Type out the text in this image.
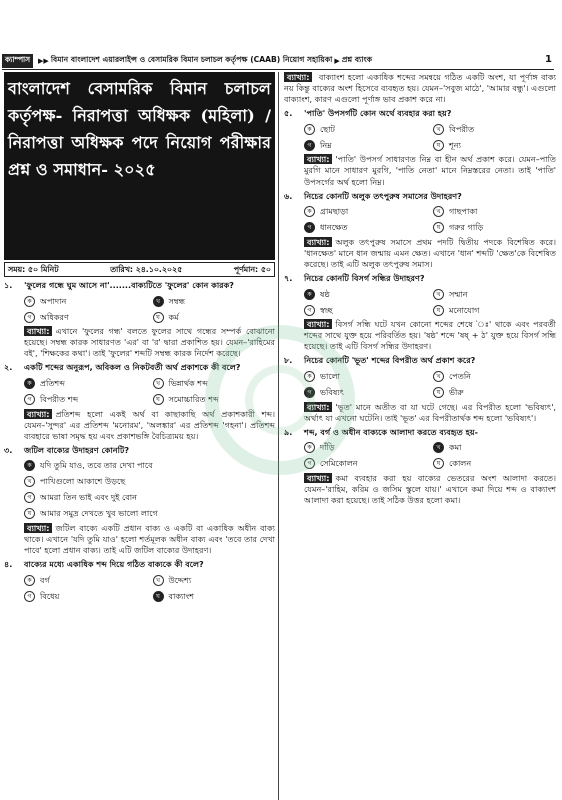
ক্যাম্পাস	▶▶ বিমান বাংলাদেশ এয়ারলাইন্স ও বেসামরিক বিমান চলাচল কর্তৃপক্ষ (CAAB) নিয়োগ সহায়িকা ▶ প্রশ্ন ব্যাংক	1
বাংলাদেশ বেসামরিক বিমান চলাচল কর্তৃপক্ষ- নিরাপত্তা অধিক্ষক (মহিলা) / নিরাপত্তা অধিক্ষক পদে নিয়োগ পরীক্ষার প্রশ্ন ও সমাধান- ২০২৫
সময়: ৫০ মিনিট	তারিখ: ২৪.১০.২০২৫	পূর্ণমান: ৫০
১.	'ফুলের গন্ধে ঘুম আসে না'.......বাক্যটিতে 'ফুলের' কোন কারক?
ক	অপাদান	খ	সম্বন্ধ
গ	অধিকরণ	ঘ	কর্ম
ব্যাখ্যা: এখানে 'ফুলের গন্ধ' বলতে ফুলের সাথে গন্ধের সম্পর্ক বোঝানো হয়েছে। সম্বন্ধ কারক সাধারণত 'এর' বা 'র' দ্বারা প্রকাশিত হয়। যেমন–'রাহিমের বই', 'শিক্ষকের কথা'। তাই 'ফুলের' শব্দটি সম্বন্ধ কারক নির্দেশ করেছে।
২.	একটি শব্দের অনুরূপ, অবিকল ও নিকটবর্তী অর্থ প্রকাশকে কী বলে?
ক	প্রতিশব্দ	খ	ভিন্নার্থক শব্দ
গ	বিপরীত শব্দ	ঘ	সমোচ্চারিত শব্দ
ব্যাখ্যা: প্রতিশব্দ হলো একই অর্থ বা কাছাকাছি অর্থ প্রকাশকারী শব্দ। যেমন–'সুন্দর' এর প্রতিশব্দ 'মনোরম', 'অলঙ্কার' এর প্রতিশব্দ 'গহনা'। প্রতিশব্দ ব্যবহারে ভাষা সমৃদ্ধ হয় এবং প্রকাশভঙ্গি বৈচিত্র্যময় হয়।
৩.	জটিল বাক্যের উদাহরণ কোনটি?
ক	যদি তুমি যাও, তবে তার দেখা পাবে
খ	পাখিগুলো আকাশে উড়ছে
গ	আমরা তিন ভাই এবং দুই বোন
ঘ	আমার সমুদ্র দেখতে খুব ভালো লাগে
ব্যাখ্যা: জটিল বাক্যে একটি প্রধান বাক্য ও একটি বা একাধিক অধীন বাক্য থাকে। এখানে 'যদি তুমি যাও' হলো শর্তমূলক অধীন বাক্য এবং 'তবে তার দেখা পাবে' হলো প্রধান বাক্য। তাই এটি জটিল বাক্যের উদাহরণ।
৪.	বাক্যের মধ্যে একাধিক শব্দ দিয়ে গঠিত বাক্যকে কী বলে?
ক	বর্গ	খ	উদ্দেশ্য
গ	বিধেয়	ঘ	বাক্যাংশ
ব্যাখ্যা: বাক্যাংশ হলো একাধিক শব্দের সমন্বয়ে গঠিত একটি অংশ, যা পূর্ণাঙ্গ বাক্য নয় কিন্তু বাক্যের অংশ হিসেবে ব্যবহৃত হয়। যেমন–'সবুজ মাঠে', 'আমার বন্ধু'। এগুলো বাক্যাংশ, কারণ এগুলো পূর্ণাঙ্গ ভাব প্রকাশ করে না।
৫.	'পাতি' উপসর্গটি কোন অর্থে ব্যবহার করা হয়?
ক	ছোট	খ	বিপরীত
গ	নিম্ন	ঘ	শূন্য
ব্যাখ্যা: 'পাতি' উপসর্গ সাধারণত নিম্ন বা হীন অর্থ প্রকাশ করে। যেমন–পাতি মুরগি মানে সাধারণ মুরগি, 'পাতি নেতা' মানে নিম্নস্তরের নেতা। তাই 'পাতি' উপসর্গের অর্থ হলো নিম্ন।
৬.	নিচের কোনটি অলুক তৎপুরুষ সমাসের উদাহরণ?
ক	গ্রামছাড়া	খ	গাছপাকা
গ	ধানক্ষেত	ঘ	গরুর গাড়ি
ব্যাখ্যা: অলুক তৎপুরুষ সমাসে প্রথম পদটি দ্বিতীয় পদকে বিশেষিত করে। 'ধানক্ষেত' মানে ধান জন্মায় এমন ক্ষেত। এখানে 'ধান' শব্দটি 'ক্ষেত'কে বিশেষিত করেছে। তাই এটি অলুক তৎপুরুষ সমাস।
৭.	নিচের কোনটি বিসর্গ সন্ধির উদাহরণ?
ক	ষষ্ঠ	খ	সম্মান
গ	স্বচ্ছ	ঘ	মনোযোগ
ব্যাখ্যা: বিসর্গ সন্ধি ঘটে যখন কোনো শব্দের শেষে 'ঃ' থাকে এবং পরবর্তী শব্দের সাথে যুক্ত হয়ে পরিবর্তিত হয়। 'ষষ্ঠ' শব্দে 'ষষ্ + ঠ' যুক্ত হয়ে বিসর্গ সন্ধি হয়েছে। তাই এটি বিসর্গ সন্ধির উদাহরণ।
৮.	নিচের কোনটি 'ভূত' শব্দের বিপরীত অর্থ প্রকাশ করে?
ক	ভালো	খ	পেতনি
গ	ভবিষ্যৎ	ঘ	ভীরু
ব্যাখ্যা: 'ভূত' মানে অতীত বা যা ঘটে গেছে। এর বিপরীত হলো 'ভবিষ্যৎ', অর্থাৎ যা এখনো ঘটেনি। তাই 'ভূত' এর বিপরীতার্থক শব্দ হলো 'ভবিষ্যৎ'।
৯.	শব্দ, বর্গ ও অধীন বাক্যকে আলাদা করতে ব্যবহৃত হয়-
ক	দাঁড়ি	খ	কমা
গ	সেমিকোলন	ঘ	কোলন
ব্যাখ্যা: কমা ব্যবহার করা হয় বাক্যের ভেতরের অংশ আলাদা করতে। যেমন–'রাহিম, করিম ও জসিম স্কুলে যায়।' এখানে কমা দিয়ে শব্দ ও বাক্যাংশ আলাদা করা হয়েছে। তাই সঠিক উত্তর হলো কমা।
